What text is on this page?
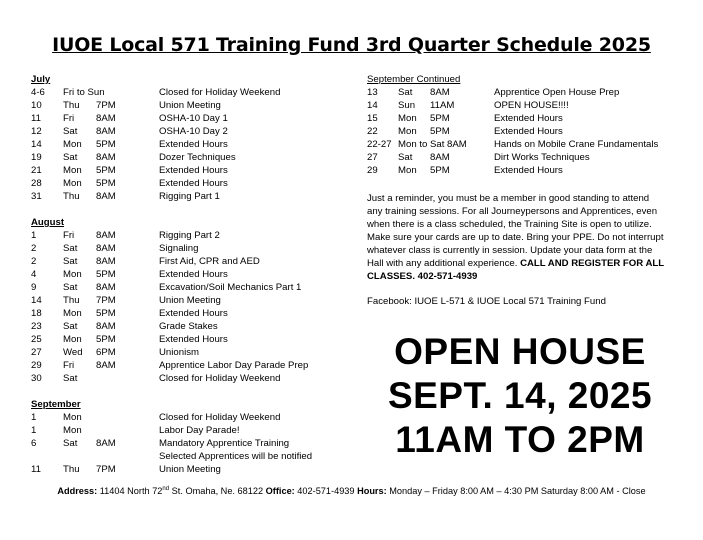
IUOE Local 571 Training Fund 3rd Quarter Schedule 2025
July
4-6 Fri to Sun	Closed for Holiday Weekend
10 Thu 7PM	Union Meeting
11 Fri 8AM	OSHA-10 Day 1
12 Sat 8AM	OSHA-10 Day 2
14 Mon 5PM	Extended Hours
19 Sat 8AM	Dozer Techniques
21 Mon 5PM	Extended Hours
28 Mon 5PM	Extended Hours
31 Thu 8AM	Rigging Part 1
August
1	Fri 8AM	Rigging Part 2
2	Sat 8AM	Signaling
2	Sat 8AM	First Aid, CPR and AED
4	Mon 5PM	Extended Hours
9	Sat 8AM	Excavation/Soil Mechanics Part 1
14 Thu 7PM	Union Meeting
18 Mon 5PM	Extended Hours
23 Sat 8AM	Grade Stakes
25 Mon 5PM	Extended Hours
27 Wed 6PM	Unionism
29 Fri 8AM	Apprentice Labor Day Parade Prep
30 Sat	Closed for Holiday Weekend
September
1	Mon	Closed for Holiday Weekend
1	Mon	Labor Day Parade!
6	Sat 8AM	Mandatory Apprentice Training
Selected Apprentices will be notified
11 Thu 7PM	Union Meeting
September Continued
13 Sat 8AM	Apprentice Open House Prep
14 Sun 11AM	OPEN HOUSE!!!!
15 Mon 5PM	Extended Hours
22 Mon 5PM	Extended Hours
22-27 Mon to Sat 8AM	Hands on Mobile Crane Fundamentals
27 Sat 8AM	Dirt Works Techniques
29 Mon 5PM	Extended Hours
Just a reminder, you must be a member in good standing to attend any training sessions. For all Journeypersons and Apprentices, even when there is a class scheduled, the Training Site is open to utilize. Make sure your cards are up to date. Bring your PPE. Do not interrupt whatever class is currently in session. Update your data form at the Hall with any additional experience. CALL AND REGISTER FOR ALL CLASSES. 402-571-4939
Facebook: IUOE L-571 & IUOE Local 571 Training Fund
OPEN HOUSE
SEPT. 14, 2025
11AM TO 2PM
Address: 11404 North 72nd St. Omaha, Ne. 68122 Office: 402-571-4939 Hours: Monday – Friday 8:00 AM – 4:30 PM Saturday 8:00 AM - Close
